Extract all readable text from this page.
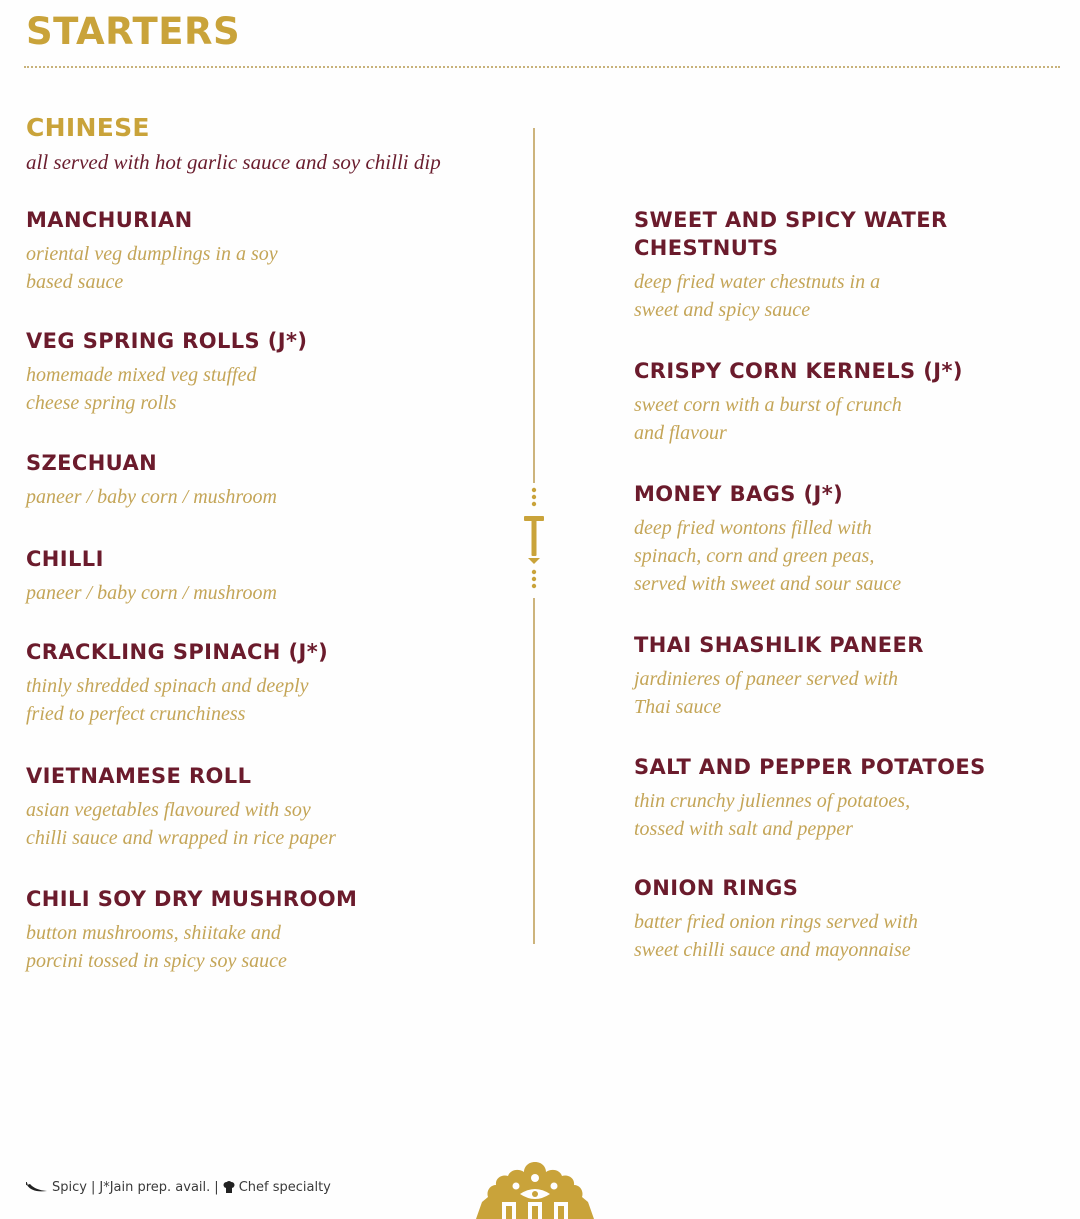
STARTERS
CHINESE
all served with hot garlic sauce and soy chilli dip
MANCHURIAN
oriental veg dumplings in a soy
based sauce
VEG SPRING ROLLS (J*)
homemade mixed veg stuffed
cheese spring rolls
SZECHUAN
paneer / baby corn / mushroom
CHILLI
paneer / baby corn / mushroom
CRACKLING SPINACH (J*)
thinly shredded spinach and deeply
fried to perfect crunchiness
VIETNAMESE ROLL
asian vegetables flavoured with soy
chilli sauce and wrapped in rice paper
CHILI SOY DRY MUSHROOM
button mushrooms, shiitake and
porcini tossed in spicy soy sauce
SWEET AND SPICY WATER
CHESTNUTS
deep fried water chestnuts in a
sweet and spicy sauce
CRISPY CORN KERNELS (J*)
sweet corn with a burst of crunch
and flavour
MONEY BAGS (J*)
deep fried wontons filled with
spinach, corn and green peas,
served with sweet and sour sauce
THAI SHASHLIK PANEER
jardinieres of paneer served with
Thai sauce
SALT AND PEPPER POTATOES
thin crunchy juliennes of potatoes,
tossed with salt and pepper
ONION RINGS
batter fried onion rings served with
sweet chilli sauce and mayonnaise
Spicy | J*Jain prep. avail. | Chef specialty
